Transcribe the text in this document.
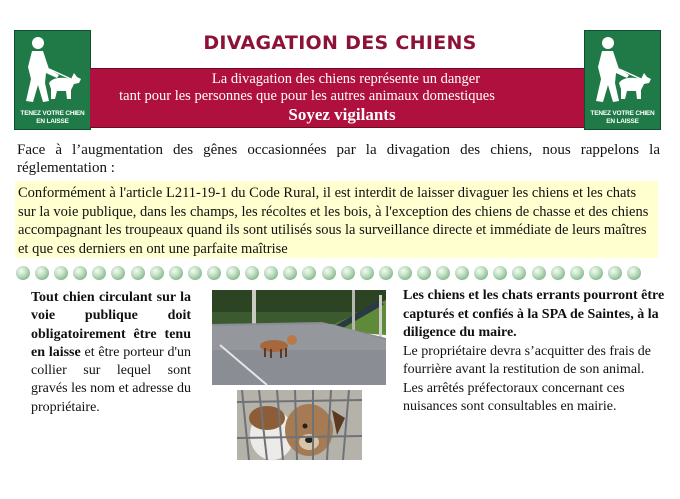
TENEZ VOTRE CHIEN
EN LAISSE
TENEZ VOTRE CHIEN
EN LAISSE
DIVAGATION DES CHIENS
La divagation des chiens représente un danger
tant pour les personnes que pour les autres animaux domestiques
Soyez vigilants
Face à l’augmentation des gênes occasionnées par la divagation des chiens, nous rappelons la réglementation :
Conformément à l'article L211-19-1 du Code Rural, il est interdit de laisser divaguer les chiens et les chats sur la voie publique, dans les champs, les récoltes et les bois, à l'exception des chiens de chasse et des chiens accompagnant les troupeaux quand ils sont utilisés sous la surveillance directe et immédiate de leurs maîtres et que ces derniers en ont une parfaite maîtrise
Tout chien circulant sur la voie publique doit obligatoirement être tenu en laisse et être porteur d'un collier sur lequel sont gravés les nom et adresse du propriétaire.
Les chiens et les chats errants pourront être capturés et confiés à la SPA de Saintes, à la diligence du maire.
Le propriétaire devra s’acquitter des frais de fourrière avant la restitution de son animal.
Les arrêtés préfectoraux concernant ces nuisances sont consultables en mairie.
